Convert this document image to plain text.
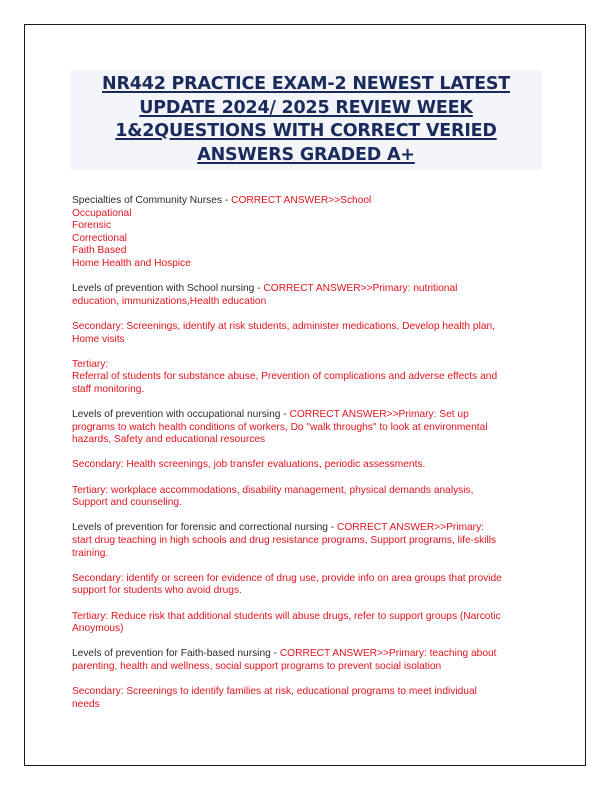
NR442 PRACTICE EXAM-2 NEWEST LATEST
UPDATE 2024/ 2025 REVIEW WEEK
1&2QUESTIONS WITH CORRECT VERIED
ANSWERS GRADED A+
Specialties of Community Nurses - CORRECT ANSWER>>School
Occupational
Forensic
Correctional
Faith Based
Home Health and Hospice
Levels of prevention with School nursing - CORRECT ANSWER>>Primary: nutritional
education, immunizations,Health education
Secondary: Screenings, identify at risk students, administer medications, Develop health plan,
Home visits
Tertiary:
Referral of students for substance abuse, Prevention of complications and adverse effects and
staff monitoring.
Levels of prevention with occupational nursing - CORRECT ANSWER>>Primary: Set up
programs to watch health conditions of workers, Do "walk throughs" to look at environmental
hazards, Safety and educational resources
Secondary: Health screenings, job transfer evaluations, periodic assessments.
Tertiary: workplace accommodations, disability management, physical demands analysis,
Support and counseling.
Levels of prevention for forensic and correctional nursing - CORRECT ANSWER>>Primary:
start drug teaching in high schools and drug resistance programs, Support programs, life-skills
training.
Secondary: identify or screen for evidence of drug use, provide info on area groups that provide
support for students who avoid drugs.
Tertiary: Reduce risk that additional students will abuse drugs, refer to support groups (Narcotic
Anoymous)
Levels of prevention for Faith-based nursing - CORRECT ANSWER>>Primary: teaching about
parenting, health and wellness, social support programs to prevent social isolation
Secondary: Screenings to identify families at risk, educational programs to meet individual
needs
